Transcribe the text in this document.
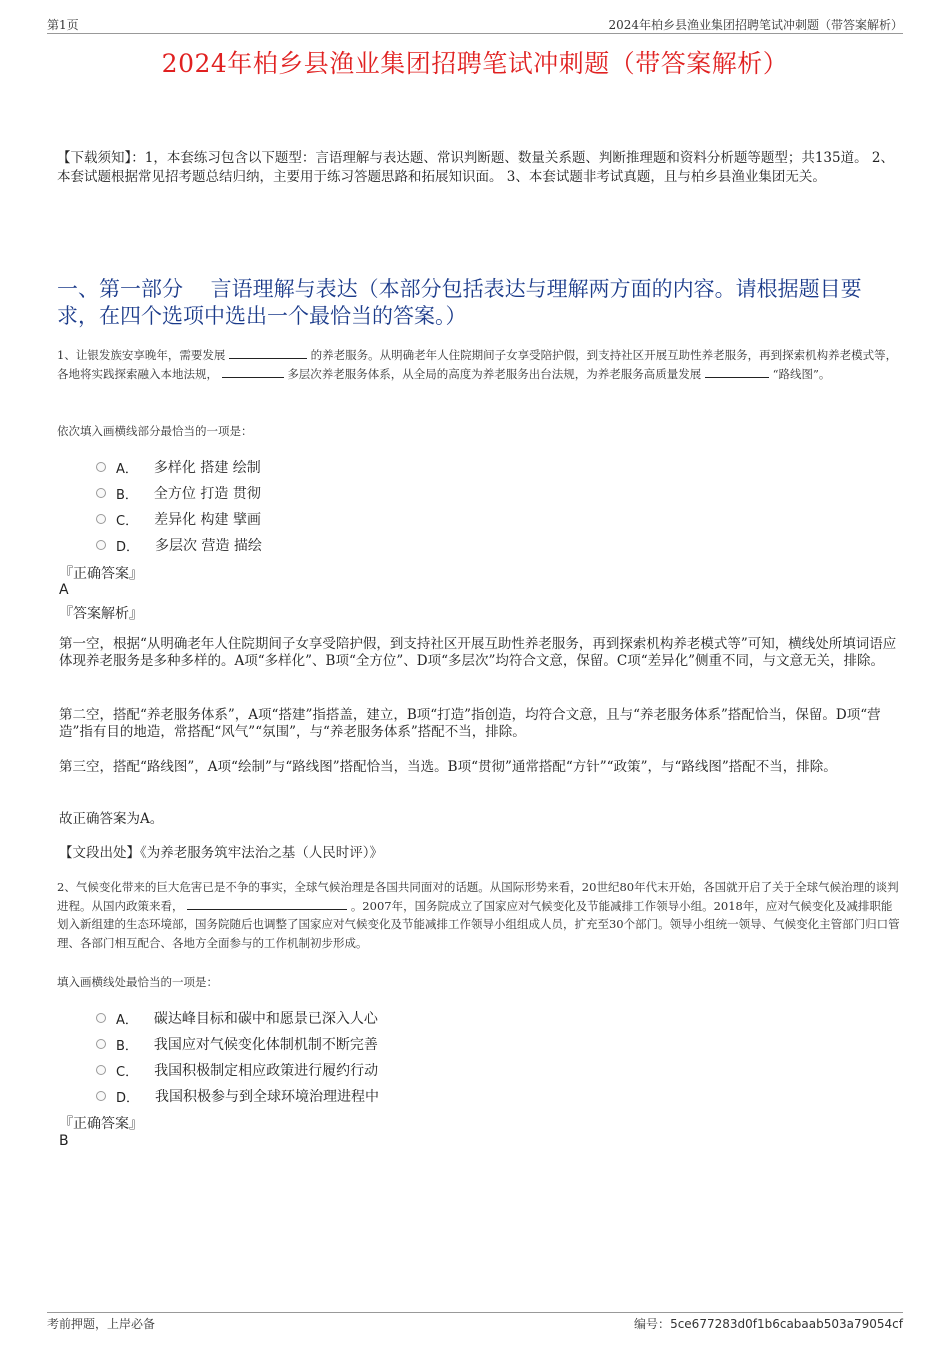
第1页	2024年柏乡县渔业集团招聘笔试冲刺题（带答案解析）
2024年柏乡县渔业集团招聘笔试冲刺题（带答案解析）
【下载须知】：1，本套练习包含以下题型：言语理解与表达题、常识判断题、数量关系题、判断推理题和资料分析题等题型；共135道。 2、本套试题根据常见招考题总结归纳，主要用于练习答题思路和拓展知识面。 3、本套试题非考试真题，且与柏乡县渔业集团无关。
一、第一部分　 言语理解与表达（本部分包括表达与理解两方面的内容。请根据题目要求，在四个选项中选出一个最恰当的答案。）
1、让银发族安享晚年，需要发展	的养老服务。从明确老年人住院期间子女享受陪护假，到支持社区开展互助性养老服务，再到探索机构养老模式等，各地将实践探索融入本地法规，	多层次养老服务体系，从全局的高度为养老服务出台法规，为养老服务高质量发展	“路线图”。
依次填入画横线部分最恰当的一项是：
A． 多样化 搭建 绘制
B． 全方位 打造 贯彻
C． 差异化 构建 擘画
D． 多层次 营造 描绘
『正确答案』
A
『答案解析』
第一空，根据“从明确老年人住院期间子女享受陪护假，到支持社区开展互助性养老服务，再到探索机构养老模式等”可知，横线处所填词语应体现养老服务是多种多样的。A项“多样化”、B项“全方位”、D项“多层次”均符合文意，保留。C项“差异化”侧重不同，与文意无关，排除。
第二空，搭配“养老服务体系”，A项“搭建”指搭盖，建立，B项“打造”指创造，均符合文意，且与“养老服务体系”搭配恰当，保留。D项“营造”指有目的地造，常搭配“风气”“氛围”，与“养老服务体系”搭配不当，排除。
第三空，搭配“路线图”，A项“绘制”与“路线图”搭配恰当，当选。B项“贯彻”通常搭配“方针”“政策”，与“路线图”搭配不当，排除。
故正确答案为A。
【文段出处】《为养老服务筑牢法治之基（人民时评）》
2、气候变化带来的巨大危害已是不争的事实，全球气候治理是各国共同面对的话题。从国际形势来看，20世纪80年代末开始，各国就开启了关于全球气候治理的谈判进程。从国内政策来看，	。2007年，国务院成立了国家应对气候变化及节能减排工作领导小组。2018年，应对气候变化及减排职能划入新组建的生态环境部，国务院随后也调整了国家应对气候变化及节能减排工作领导小组组成人员，扩充至30个部门。领导小组统一领导、气候变化主管部门归口管理、各部门相互配合、各地方全面参与的工作机制初步形成。
填入画横线处最恰当的一项是：
A． 碳达峰目标和碳中和愿景已深入人心
B． 我国应对气候变化体制机制不断完善
C． 我国积极制定相应政策进行履约行动
D． 我国积极参与到全球环境治理进程中
『正确答案』
B
考前押题，上岸必备	编号：5ce677283d0f1b6cabaab503a79054cf
